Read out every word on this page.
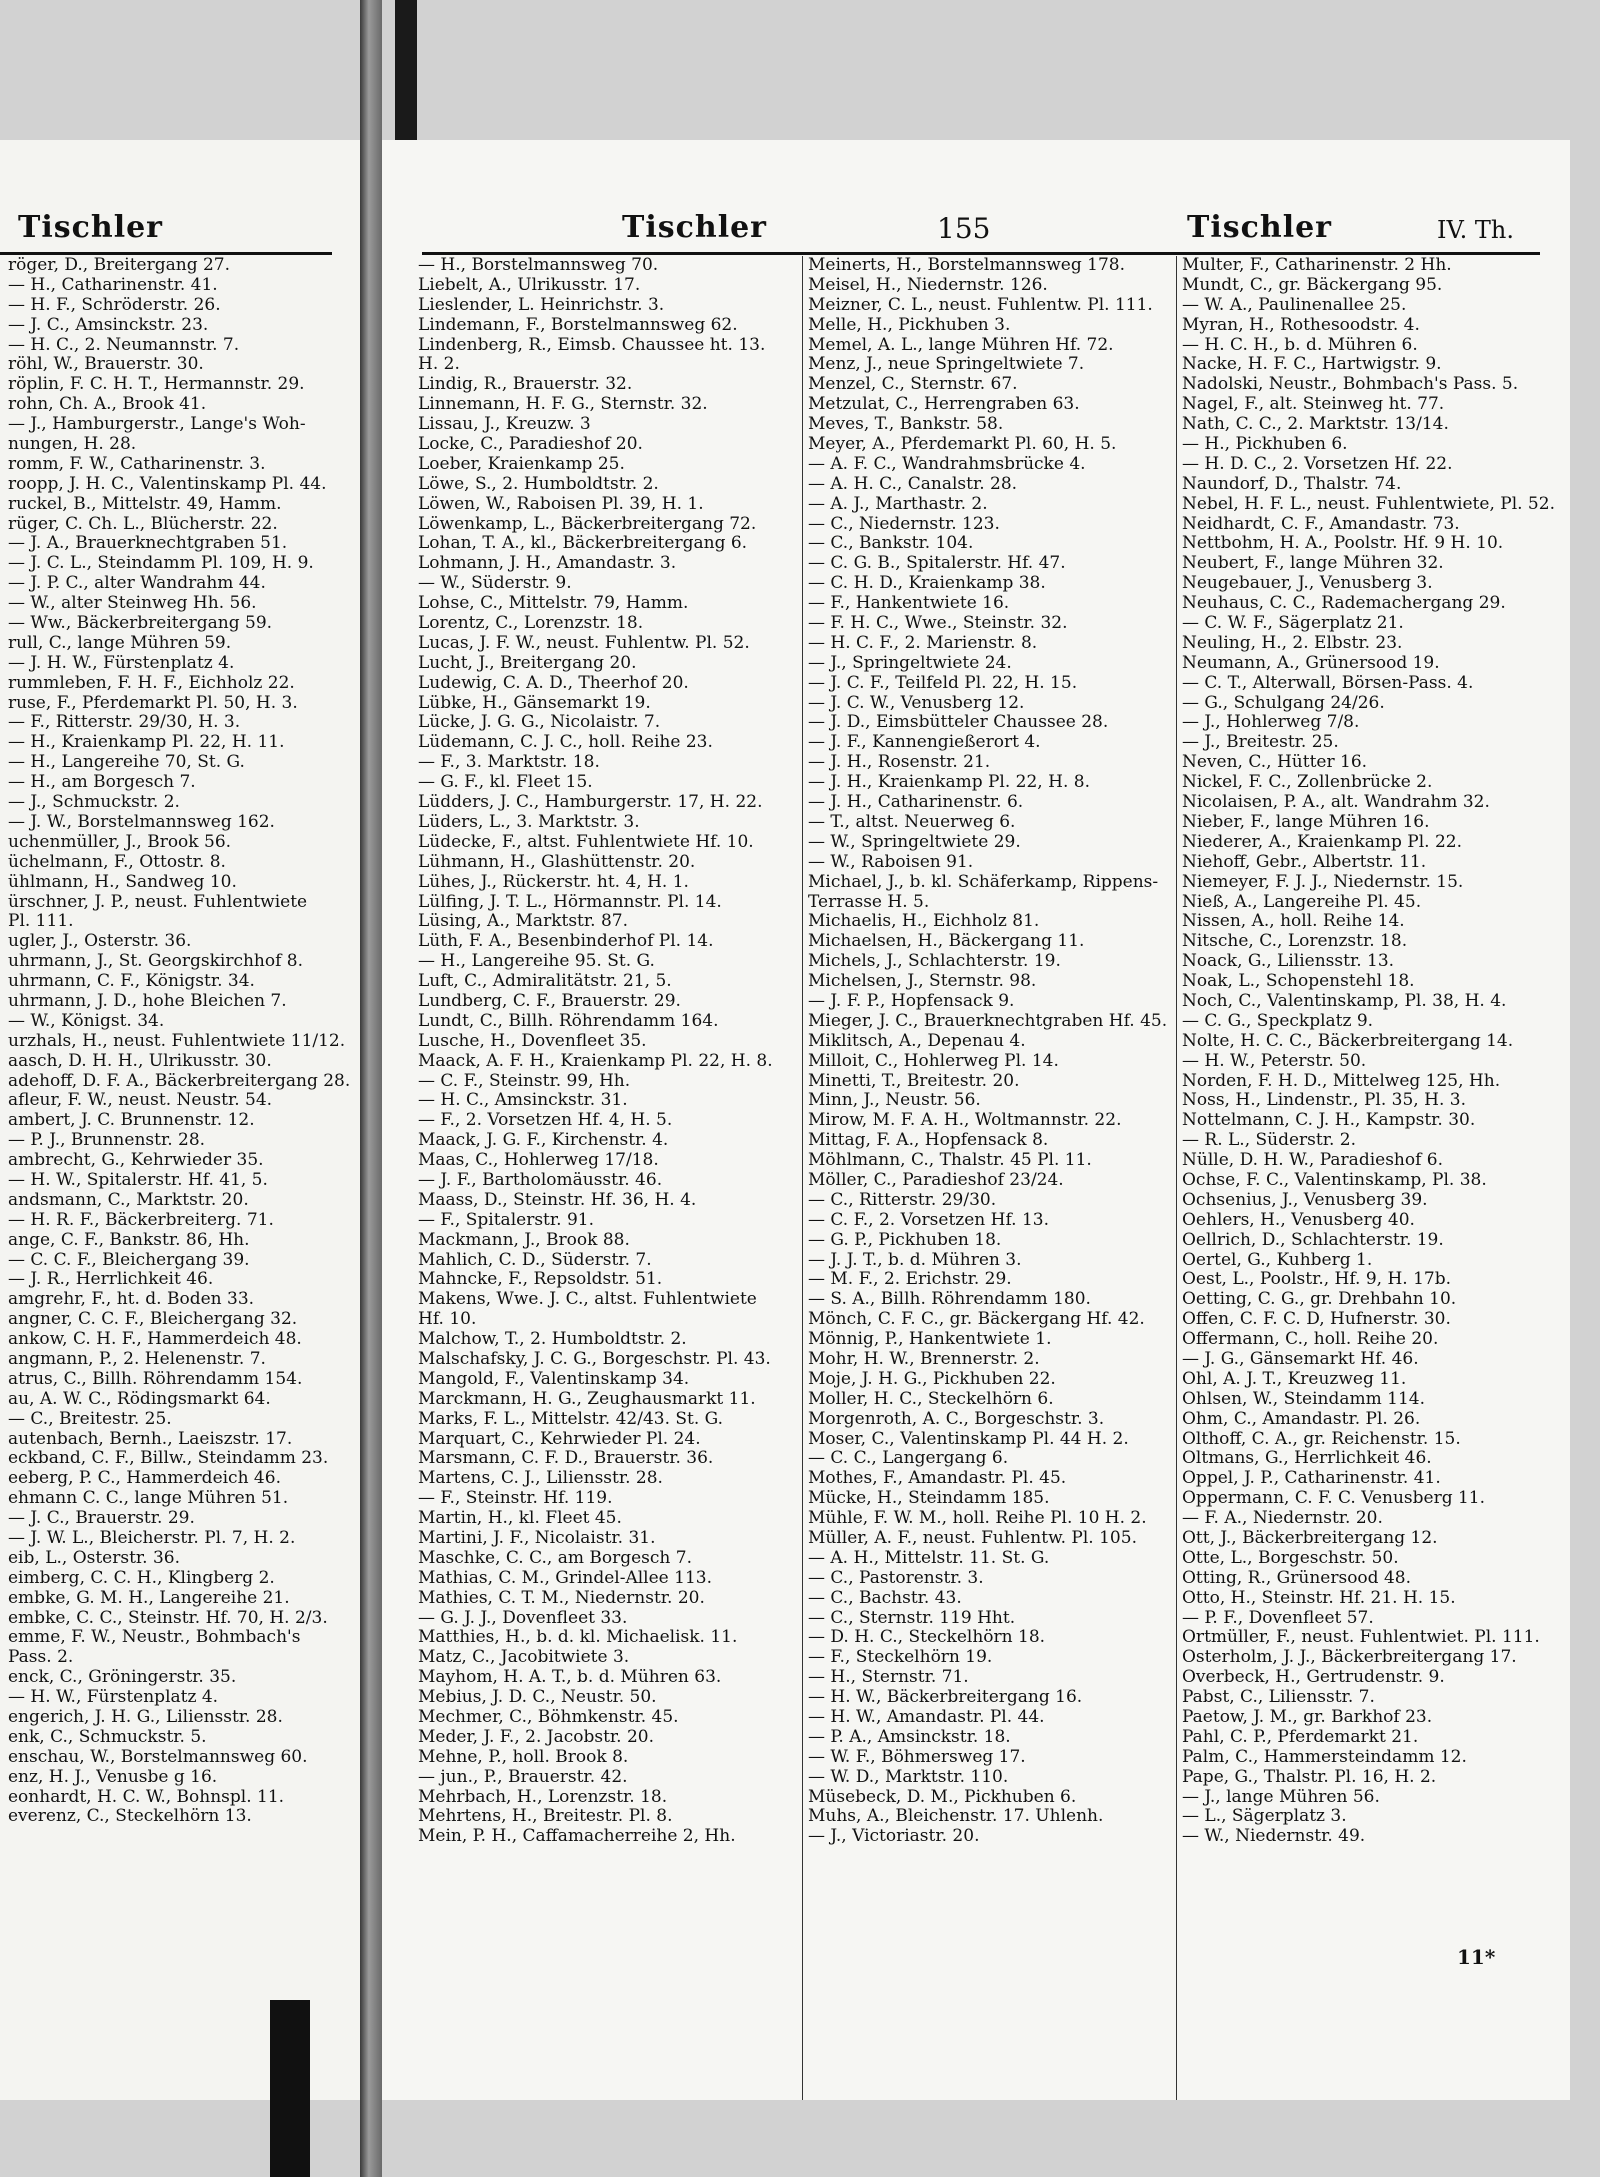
Tischler
röger, D., Breitergang 27.
— H., Catharinenstr. 41.
— H. F., Schröderstr. 26.
— J. C., Amsinckstr. 23.
— H. C., 2. Neumannstr. 7.
röhl, W., Brauerstr. 30.
röplin, F. C. H. T., Hermannstr. 29.
rohn, Ch. A., Brook 41.
— J., Hamburgerstr., Lange's Woh-
nungen, H. 28.
romm, F. W., Catharinenstr. 3.
roopp, J. H. C., Valentinskamp Pl. 44.
ruckel, B., Mittelstr. 49, Hamm.
rüger, C. Ch. L., Blücherstr. 22.
— J. A., Brauerknechtgraben 51.
— J. C. L., Steindamm Pl. 109, H. 9.
— J. P. C., alter Wandrahm 44.
— W., alter Steinweg Hh. 56.
— Ww., Bäckerbreitergang 59.
rull, C., lange Mühren 59.
— J. H. W., Fürstenplatz 4.
rummleben, F. H. F., Eichholz 22.
ruse, F., Pferdemarkt Pl. 50, H. 3.
— F., Ritterstr. 29/30, H. 3.
— H., Kraienkamp Pl. 22, H. 11.
— H., Langereihe 70, St. G.
— H., am Borgesch 7.
— J., Schmuckstr. 2.
— J. W., Borstelmannsweg 162.
uchenmüller, J., Brook 56.
üchelmann, F., Ottostr. 8.
ühlmann, H., Sandweg 10.
ürschner, J. P., neust. Fuhlentwiete
Pl. 111.
ugler, J., Osterstr. 36.
uhrmann, J., St. Georgskirchhof 8.
uhrmann, C. F., Königstr. 34.
uhrmann, J. D., hohe Bleichen 7.
— W., Königst. 34.
urzhals, H., neust. Fuhlentwiete 11/12.
aasch, D. H. H., Ulrikusstr. 30.
adehoff, D. F. A., Bäckerbreitergang 28.
afleur, F. W., neust. Neustr. 54.
ambert, J. C. Brunnenstr. 12.
— P. J., Brunnenstr. 28.
ambrecht, G., Kehrwieder 35.
— H. W., Spitalerstr. Hf. 41, 5.
andsmann, C., Marktstr. 20.
— H. R. F., Bäckerbreiterg. 71.
ange, C. F., Bankstr. 86, Hh.
— C. C. F., Bleichergang 39.
— J. R., Herrlichkeit 46.
amgrehr, F., ht. d. Boden 33.
angner, C. C. F., Bleichergang 32.
ankow, C. H. F., Hammerdeich 48.
angmann, P., 2. Helenenstr. 7.
atrus, C., Billh. Röhrendamm 154.
au, A. W. C., Rödingsmarkt 64.
— C., Breitestr. 25.
autenbach, Bernh., Laeiszstr. 17.
eckband, C. F., Billw., Steindamm 23.
eeberg, P. C., Hammerdeich 46.
ehmann C. C., lange Mühren 51.
— J. C., Brauerstr. 29.
— J. W. L., Bleicherstr. Pl. 7, H. 2.
eib, L., Osterstr. 36.
eimberg, C. C. H., Klingberg 2.
embke, G. M. H., Langereihe 21.
embke, C. C., Steinstr. Hf. 70, H. 2/3.
emme, F. W., Neustr., Bohmbach's
Pass. 2.
enck, C., Gröningerstr. 35.
— H. W., Fürstenplatz 4.
engerich, J. H. G., Liliensstr. 28.
enk, C., Schmuckstr. 5.
enschau, W., Borstelmannsweg 60.
enz, H. J., Venusbe g 16.
eonhardt, H. C. W., Bohnspl. 11.
everenz, C., Steckelhörn 13.
Tischler	155	Tischler	IV. Th.
— H., Borstelmannsweg 70.
Liebelt, A., Ulrikusstr. 17.
Lieslender, L. Heinrichstr. 3.
Lindemann, F., Borstelmannsweg 62.
Lindenberg, R., Eimsb. Chaussee ht. 13.
H. 2.
Lindig, R., Brauerstr. 32.
Linnemann, H. F. G., Sternstr. 32.
Lissau, J., Kreuzw. 3
Locke, C., Paradieshof 20.
Loeber, Kraienkamp 25.
Löwe, S., 2. Humboldtstr. 2.
Löwen, W., Raboisen Pl. 39, H. 1.
Löwenkamp, L., Bäckerbreitergang 72.
Lohan, T. A., kl., Bäckerbreitergang 6.
Lohmann, J. H., Amandastr. 3.
— W., Süderstr. 9.
Lohse, C., Mittelstr. 79, Hamm.
Lorentz, C., Lorenzstr. 18.
Lucas, J. F. W., neust. Fuhlentw. Pl. 52.
Lucht, J., Breitergang 20.
Ludewig, C. A. D., Theerhof 20.
Lübke, H., Gänsemarkt 19.
Lücke, J. G. G., Nicolaistr. 7.
Lüdemann, C. J. C., holl. Reihe 23.
— F., 3. Marktstr. 18.
— G. F., kl. Fleet 15.
Lüdders, J. C., Hamburgerstr. 17, H. 22.
Lüders, L., 3. Marktstr. 3.
Lüdecke, F., altst. Fuhlentwiete Hf. 10.
Lühmann, H., Glashüttenstr. 20.
Lühes, J., Rückerstr. ht. 4, H. 1.
Lülfing, J. T. L., Hörmannstr. Pl. 14.
Lüsing, A., Marktstr. 87.
Lüth, F. A., Besenbinderhof Pl. 14.
— H., Langereihe 95. St. G.
Luft, C., Admiralitätstr. 21, 5.
Lundberg, C. F., Brauerstr. 29.
Lundt, C., Billh. Röhrendamm 164.
Lusche, H., Dovenfleet 35.
Maack, A. F. H., Kraienkamp Pl. 22, H. 8.
— C. F., Steinstr. 99, Hh.
— H. C., Amsinckstr. 31.
— F., 2. Vorsetzen Hf. 4, H. 5.
Maack, J. G. F., Kirchenstr. 4.
Maas, C., Hohlerweg 17/18.
— J. F., Bartholomäusstr. 46.
Maass, D., Steinstr. Hf. 36, H. 4.
— F., Spitalerstr. 91.
Mackmann, J., Brook 88.
Mahlich, C. D., Süderstr. 7.
Mahncke, F., Repsoldstr. 51.
Makens, Wwe. J. C., altst. Fuhlentwiete
Hf. 10.
Malchow, T., 2. Humboldtstr. 2.
Malschafsky, J. C. G., Borgeschstr. Pl. 43.
Mangold, F., Valentinskamp 34.
Marckmann, H. G., Zeughausmarkt 11.
Marks, F. L., Mittelstr. 42/43. St. G.
Marquart, C., Kehrwieder Pl. 24.
Marsmann, C. F. D., Brauerstr. 36.
Martens, C. J., Liliensstr. 28.
— F., Steinstr. Hf. 119.
Martin, H., kl. Fleet 45.
Martini, J. F., Nicolaistr. 31.
Maschke, C. C., am Borgesch 7.
Mathias, C. M., Grindel-Allee 113.
Mathies, C. T. M., Niedernstr. 20.
— G. J. J., Dovenfleet 33.
Matthies, H., b. d. kl. Michaelisk. 11.
Matz, C., Jacobitwiete 3.
Mayhom, H. A. T., b. d. Mühren 63.
Mebius, J. D. C., Neustr. 50.
Mechmer, C., Böhmkenstr. 45.
Meder, J. F., 2. Jacobstr. 20.
Mehne, P., holl. Brook 8.
— jun., P., Brauerstr. 42.
Mehrbach, H., Lorenzstr. 18.
Mehrtens, H., Breitestr. Pl. 8.
Mein, P. H., Caffamacherreihe 2, Hh.
Meinerts, H., Borstelmannsweg 178.
Meisel, H., Niedernstr. 126.
Meizner, C. L., neust. Fuhlentw. Pl. 111.
Melle, H., Pickhuben 3.
Memel, A. L., lange Mühren Hf. 72.
Menz, J., neue Springeltwiete 7.
Menzel, C., Sternstr. 67.
Metzulat, C., Herrengraben 63.
Meves, T., Bankstr. 58.
Meyer, A., Pferdemarkt Pl. 60, H. 5.
— A. F. C., Wandrahmsbrücke 4.
— A. H. C., Canalstr. 28.
— A. J., Marthastr. 2.
— C., Niedernstr. 123.
— C., Bankstr. 104.
— C. G. B., Spitalerstr. Hf. 47.
— C. H. D., Kraienkamp 38.
— F., Hankentwiete 16.
— F. H. C., Wwe., Steinstr. 32.
— H. C. F., 2. Marienstr. 8.
— J., Springeltwiete 24.
— J. C. F., Teilfeld Pl. 22, H. 15.
— J. C. W., Venusberg 12.
— J. D., Eimsbütteler Chaussee 28.
— J. F., Kannengießerort 4.
— J. H., Rosenstr. 21.
— J. H., Kraienkamp Pl. 22, H. 8.
— J. H., Catharinenstr. 6.
— T., altst. Neuerweg 6.
— W., Springeltwiete 29.
— W., Raboisen 91.
Michael, J., b. kl. Schäferkamp, Rippens-
Terrasse H. 5.
Michaelis, H., Eichholz 81.
Michaelsen, H., Bäckergang 11.
Michels, J., Schlachterstr. 19.
Michelsen, J., Sternstr. 98.
— J. F. P., Hopfensack 9.
Mieger, J. C., Brauerknechtgraben Hf. 45.
Miklitsch, A., Depenau 4.
Milloit, C., Hohlerweg Pl. 14.
Minetti, T., Breitestr. 20.
Minn, J., Neustr. 56.
Mirow, M. F. A. H., Woltmannstr. 22.
Mittag, F. A., Hopfensack 8.
Möhlmann, C., Thalstr. 45 Pl. 11.
Möller, C., Paradieshof 23/24.
— C., Ritterstr. 29/30.
— C. F., 2. Vorsetzen Hf. 13.
— G. P., Pickhuben 18.
— J. J. T., b. d. Mühren 3.
— M. F., 2. Erichstr. 29.
— S. A., Billh. Röhrendamm 180.
Mönch, C. F. C., gr. Bäckergang Hf. 42.
Mönnig, P., Hankentwiete 1.
Mohr, H. W., Brennerstr. 2.
Moje, J. H. G., Pickhuben 22.
Moller, H. C., Steckelhörn 6.
Morgenroth, A. C., Borgeschstr. 3.
Moser, C., Valentinskamp Pl. 44 H. 2.
— C. C., Langergang 6.
Mothes, F., Amandastr. Pl. 45.
Mücke, H., Steindamm 185.
Mühle, F. W. M., holl. Reihe Pl. 10 H. 2.
Müller, A. F., neust. Fuhlentw. Pl. 105.
— A. H., Mittelstr. 11. St. G.
— C., Pastorenstr. 3.
— C., Bachstr. 43.
— C., Sternstr. 119 Hht.
— D. H. C., Steckelhörn 18.
— F., Steckelhörn 19.
— H., Sternstr. 71.
— H. W., Bäckerbreitergang 16.
— H. W., Amandastr. Pl. 44.
— P. A., Amsinckstr. 18.
— W. F., Böhmersweg 17.
— W. D., Marktstr. 110.
Müsebeck, D. M., Pickhuben 6.
Muhs, A., Bleichenstr. 17. Uhlenh.
— J., Victoriastr. 20.
Multer, F., Catharinenstr. 2 Hh.
Mundt, C., gr. Bäckergang 95.
— W. A., Paulinenallee 25.
Myran, H., Rothesoodstr. 4.
— H. C. H., b. d. Mühren 6.
Nacke, H. F. C., Hartwigstr. 9.
Nadolski, Neustr., Bohmbach's Pass. 5.
Nagel, F., alt. Steinweg ht. 77.
Nath, C. C., 2. Marktstr. 13/14.
— H., Pickhuben 6.
— H. D. C., 2. Vorsetzen Hf. 22.
Naundorf, D., Thalstr. 74.
Nebel, H. F. L., neust. Fuhlentwiete, Pl. 52.
Neidhardt, C. F., Amandastr. 73.
Nettbohm, H. A., Poolstr. Hf. 9 H. 10.
Neubert, F., lange Mühren 32.
Neugebauer, J., Venusberg 3.
Neuhaus, C. C., Rademachergang 29.
— C. W. F., Sägerplatz 21.
Neuling, H., 2. Elbstr. 23.
Neumann, A., Grünersood 19.
— C. T., Alterwall, Börsen-Pass. 4.
— G., Schulgang 24/26.
— J., Hohlerweg 7/8.
— J., Breitestr. 25.
Neven, C., Hütter 16.
Nickel, F. C., Zollenbrücke 2.
Nicolaisen, P. A., alt. Wandrahm 32.
Nieber, F., lange Mühren 16.
Niederer, A., Kraienkamp Pl. 22.
Niehoff, Gebr., Albertstr. 11.
Niemeyer, F. J. J., Niedernstr. 15.
Nieß, A., Langereihe Pl. 45.
Nissen, A., holl. Reihe 14.
Nitsche, C., Lorenzstr. 18.
Noack, G., Liliensstr. 13.
Noak, L., Schopenstehl 18.
Noch, C., Valentinskamp, Pl. 38, H. 4.
— C. G., Speckplatz 9.
Nolte, H. C. C., Bäckerbreitergang 14.
— H. W., Peterstr. 50.
Norden, F. H. D., Mittelweg 125, Hh.
Noss, H., Lindenstr., Pl. 35, H. 3.
Nottelmann, C. J. H., Kampstr. 30.
— R. L., Süderstr. 2.
Nülle, D. H. W., Paradieshof 6.
Ochse, F. C., Valentinskamp, Pl. 38.
Ochsenius, J., Venusberg 39.
Oehlers, H., Venusberg 40.
Oellrich, D., Schlachterstr. 19.
Oertel, G., Kuhberg 1.
Oest, L., Poolstr., Hf. 9, H. 17b.
Oetting, C. G., gr. Drehbahn 10.
Offen, C. F. C. D, Hufnerstr. 30.
Offermann, C., holl. Reihe 20.
— J. G., Gänsemarkt Hf. 46.
Ohl, A. J. T., Kreuzweg 11.
Ohlsen, W., Steindamm 114.
Ohm, C., Amandastr. Pl. 26.
Olthoff, C. A., gr. Reichenstr. 15.
Oltmans, G., Herrlichkeit 46.
Oppel, J. P., Catharinenstr. 41.
Oppermann, C. F. C. Venusberg 11.
— F. A., Niedernstr. 20.
Ott, J., Bäckerbreitergang 12.
Otte, L., Borgeschstr. 50.
Otting, R., Grünersood 48.
Otto, H., Steinstr. Hf. 21. H. 15.
— P. F., Dovenfleet 57.
Ortmüller, F., neust. Fuhlentwiet. Pl. 111.
Osterholm, J. J., Bäckerbreitergang 17.
Overbeck, H., Gertrudenstr. 9.
Pabst, C., Liliensstr. 7.
Paetow, J. M., gr. Barkhof 23.
Pahl, C. P., Pferdemarkt 21.
Palm, C., Hammersteindamm 12.
Pape, G., Thalstr. Pl. 16, H. 2.
— J., lange Mühren 56.
— L., Sägerplatz 3.
— W., Niedernstr. 49.
11*
